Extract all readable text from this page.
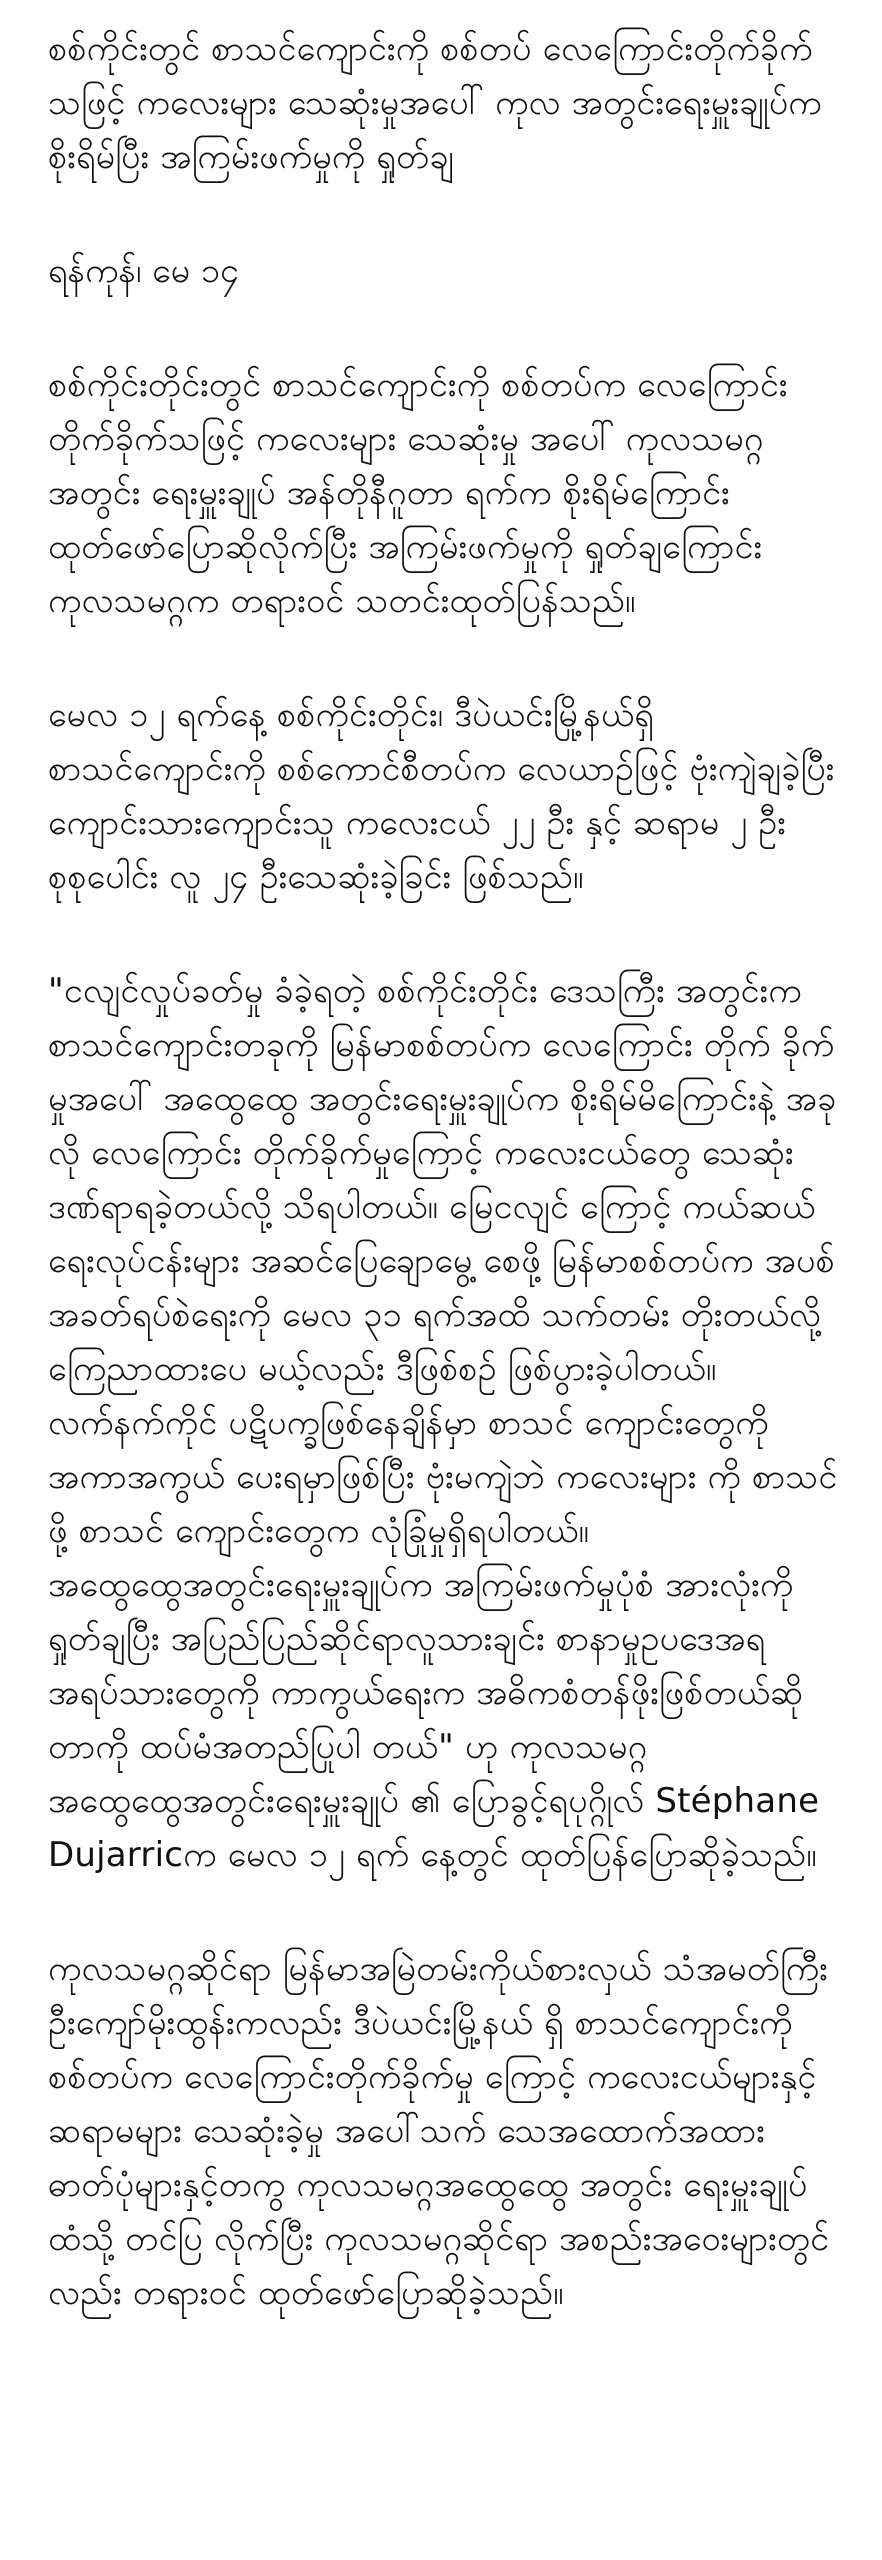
စစ်ကိုင်းတွင် စာသင်ကျောင်းကို စစ်တပ် လေကြောင်းတိုက်ခိုက်သဖြင့် ကလေးများ သေဆုံးမှုအပေါ် ကုလ အတွင်းရေးမှူးချုပ်က စိုးရိမ်ပြီး အကြမ်းဖက်မှုကို ရှုတ်ချ

ရန်ကုန်၊ မေ ၁၄

စစ်ကိုင်းတိုင်းတွင် စာသင်ကျောင်းကို စစ်တပ်က လေကြောင်းတိုက်ခိုက်သဖြင့် ကလေးများ သေဆုံးမှု အပေါ် ကုလသမဂ္ဂအတွင်း ရေးမှူးချုပ် အန်တိုနီဂူတာ ရက်က စိုးရိမ်ကြောင်း ထုတ်ဖော်ပြောဆိုလိုက်ပြီး အကြမ်းဖက်မှုကို ရှုတ်ချကြောင်း ကုလသမဂ္ဂက တရားဝင် သတင်းထုတ်ပြန်သည်။

မေလ ၁၂ ရက်နေ့ စစ်ကိုင်းတိုင်း၊ ဒီပဲယင်းမြို့နယ်ရှိ စာသင်ကျောင်းကို စစ်ကောင်စီတပ်က လေယာဉ်ဖြင့် ဗုံးကျဲချခဲ့ပြီး ကျောင်းသားကျောင်းသူ ကလေးငယ် ၂၂ ဦး နှင့် ဆရာမ ၂ ဦး စုစုပေါင်း လူ ၂၄ ဦးသေဆုံးခဲ့ခြင်း ဖြစ်သည်။

"ငလျင်လှုပ်ခတ်မှု ခံခဲ့ရတဲ့ စစ်ကိုင်းတိုင်း ဒေသကြီး အတွင်းက စာသင်ကျောင်းတခုကို မြန်မာစစ်တပ်က လေကြောင်း တိုက် ခိုက်မှုအပေါ် အထွေထွေ အတွင်းရေးမှူးချုပ်က စိုးရိမ်မိကြောင်းနဲ့ အခုလို လေကြောင်း တိုက်ခိုက်မှုကြောင့် ကလေးငယ်တွေ သေဆုံး ဒဏ်ရာရခဲ့တယ်လို့ သိရပါတယ်။ မြေငလျင် ကြောင့် ကယ်ဆယ်ရေးလုပ်ငန်းများ အဆင်ပြေချောမွေ့ စေဖို့ မြန်မာစစ်တပ်က အပစ်အခတ်ရပ်စဲရေးကို မေလ ၃၁ ရက်အထိ သက်တမ်း တိုးတယ်လို့ ကြေညာထားပေ မယ့်လည်း ဒီဖြစ်စဉ် ဖြစ်ပွားခဲ့ပါတယ်။ လက်နက်ကိုင် ပဋိပက္ခဖြစ်နေချိန်မှာ စာသင် ကျောင်းတွေကို အကာအကွယ် ပေးရမှာဖြစ်ပြီး ဗုံးမကျဲဘဲ ကလေးများ ကို စာသင်ဖို့ စာသင် ကျောင်းတွေက လုံခြုံမှုရှိရပါတယ်။ အထွေထွေအတွင်းရေးမှူးချုပ်က အကြမ်းဖက်မှုပုံစံ အားလုံးကို ရှုတ်ချပြီး အပြည်ပြည်ဆိုင်ရာလူသားချင်း စာနာမှုဥပဒေအရ အရပ်သားတွေကို ကာကွယ်ရေးက အဓိကစံတန်ဖိုးဖြစ်တယ်ဆိုတာကို ထပ်မံအတည်ပြုပါ တယ်" ဟု ကုလသမဂ္ဂအထွေထွေအတွင်းရေးမှူးချုပ် ၏ ပြောခွင့်ရပုဂ္ဂိုလ် Stéphane Dujarricက မေလ ၁၂ ရက် နေ့တွင် ထုတ်ပြန်ပြောဆိုခဲ့သည်။

ကုလသမဂ္ဂဆိုင်ရာ မြန်မာအမြဲတမ်းကိုယ်စားလှယ် သံအမတ်ကြီး ဦးကျော်မိုးထွန်းကလည်း ဒီပဲယင်းမြို့နယ် ရှိ စာသင်ကျောင်းကို စစ်တပ်က လေကြောင်းတိုက်ခိုက်မှု ကြောင့် ကလေးငယ်များနှင့် ဆရာမများ သေဆုံးခဲ့မှု အပေါ်သက် သေအထောက်အထား ဓာတ်ပုံများနှင့်တကွ ကုလသမဂ္ဂအထွေထွေ အတွင်း ရေးမှူးချုပ်ထံသို့ တင်ပြ လိုက်ပြီး ကုလသမဂ္ဂဆိုင်ရာ အစည်းအဝေးများတွင် လည်း တရားဝင် ထုတ်ဖော်ပြောဆိုခဲ့သည်။
